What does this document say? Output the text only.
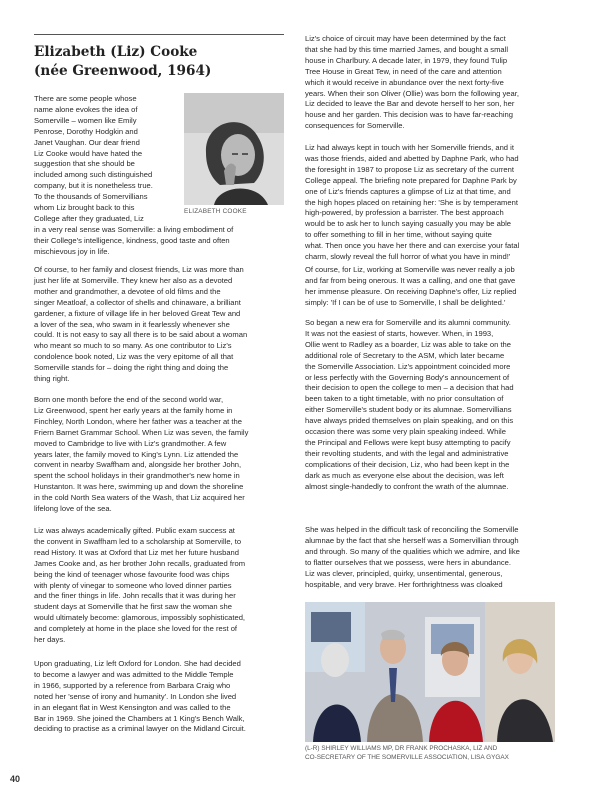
Elizabeth (Liz) Cooke
(née Greenwood, 1964)

There are some people whose
name alone evokes the idea of
Somerville – women like Emily
Penrose, Dorothy Hodgkin and
Janet Vaughan. Our dear friend
Liz Cooke would have hated the
suggestion that she should be
included among such distinguished
company, but it is nonetheless true.
To the thousands of Somervillians
whom Liz brought back to this
College after they graduated, Liz

ELIZABETH COOKE

in a very real sense was Somerville: a living embodiment of
their College's intelligence, kindness, good taste and often
mischievous joy in life.

Of course, to her family and closest friends, Liz was more than
just her life at Somerville. They knew her also as a devoted
mother and grandmother, a devotee of old films and the
singer Meatloaf, a collector of shells and chinaware, a brilliant
gardener, a fixture of village life in her beloved Great Tew and
a lover of the sea, who swam in it fearlessly whenever she
could. It is not easy to say all there is to be said about a woman
who meant so much to so many. As one contributor to Liz's
condolence book noted, Liz was the very epitome of all that
Somerville stands for – doing the right thing and doing the
thing right.

Born one month before the end of the second world war,
Liz Greenwood, spent her early years at the family home in
Finchley, North London, where her father was a teacher at the
Friern Barnet Grammar School. When Liz was seven, the family
moved to Cambridge to live with Liz's grandmother. A few
years later, the family moved to King's Lynn. Liz attended the
convent in nearby Swaffham and, alongside her brother John,
spent the school holidays in their grandmother's new home in
Hunstanton. It was here, swimming up and down the shoreline
in the cold North Sea waters of the Wash, that Liz acquired her
lifelong love of the sea.

Liz was always academically gifted. Public exam success at
the convent in Swaffham led to a scholarship at Somerville, to
read History. It was at Oxford that Liz met her future husband
James Cooke and, as her brother John recalls, graduated from
being the kind of teenager whose favourite food was chips
with plenty of vinegar to someone who loved dinner parties
and the finer things in life. John recalls that it was during her
student days at Somerville that he first saw the woman she
would ultimately become: glamorous, impossibly sophisticated,
and completely at home in the place she loved for the rest of
her days.

Upon graduating, Liz left Oxford for London. She had decided
to become a lawyer and was admitted to the Middle Temple
in 1966, supported by a reference from Barbara Craig who
noted her 'sense of irony and humanity'. In London she lived
in an elegant flat in West Kensington and was called to the
Bar in 1969. She joined the Chambers at 1 King's Bench Walk,
deciding to practise as a criminal lawyer on the Midland Circuit.

Liz's choice of circuit may have been determined by the fact
that she had by this time married James, and bought a small
house in Charlbury. A decade later, in 1979, they found Tulip
Tree House in Great Tew, in need of the care and attention
which it would receive in abundance over the next forty-five
years. When their son Oliver (Ollie) was born the following year,
Liz decided to leave the Bar and devote herself to her son, her
house and her garden. This decision was to have far-reaching
consequences for Somerville.

Liz had always kept in touch with her Somerville friends, and it
was those friends, aided and abetted by Daphne Park, who had
the foresight in 1987 to propose Liz as secretary of the current
College appeal. The briefing note prepared for Daphne Park by
one of Liz's friends captures a glimpse of Liz at that time, and
the high hopes placed on retaining her: 'She is by temperament
high-powered, by profession a barrister. The best approach
would be to ask her to lunch saying casually you may be able
to offer something to fill in her time, without saying quite
what. Then once you have her there and can exercise your fatal
charm, slowly reveal the full horror of what you have in mind!'

Of course, for Liz, working at Somerville was never really a job
and far from being onerous. It was a calling, and one that gave
her immense pleasure. On receiving Daphne's offer, Liz replied
simply: 'If I can be of use to Somerville, I shall be delighted.'

So began a new era for Somerville and its alumni community.
It was not the easiest of starts, however. When, in 1993,
Ollie went to Radley as a boarder, Liz was able to take on the
additional role of Secretary to the ASM, which later became
the Somerville Association. Liz's appointment coincided more
or less perfectly with the Governing Body's announcement of
their decision to open the college to men – a decision that had
been taken to a tight timetable, with no prior consultation of
either Somerville's student body or its alumnae. Somervillians
have always prided themselves on plain speaking, and on this
occasion there was some very plain speaking indeed. While
the Principal and Fellows were kept busy attempting to pacify
their revolting students, and with the legal and administrative
complications of their decision, Liz, who had been kept in the
dark as much as everyone else about the decision, was left
almost single-handedly to confront the wrath of the alumnae.

She was helped in the difficult task of reconciling the Somerville
alumnae by the fact that she herself was a Somervillian through
and through. So many of the qualities which we admire, and like
to flatter ourselves that we possess, were hers in abundance.
Liz was clever, principled, quirky, unsentimental, generous,
hospitable, and very brave. Her forthrightness was cloaked

(L-R) SHIRLEY WILLIAMS MP, DR FRANK PROCHASKA, LIZ AND
CO-SECRETARY OF THE SOMERVILLE ASSOCIATION, LISA GYGAX
40
